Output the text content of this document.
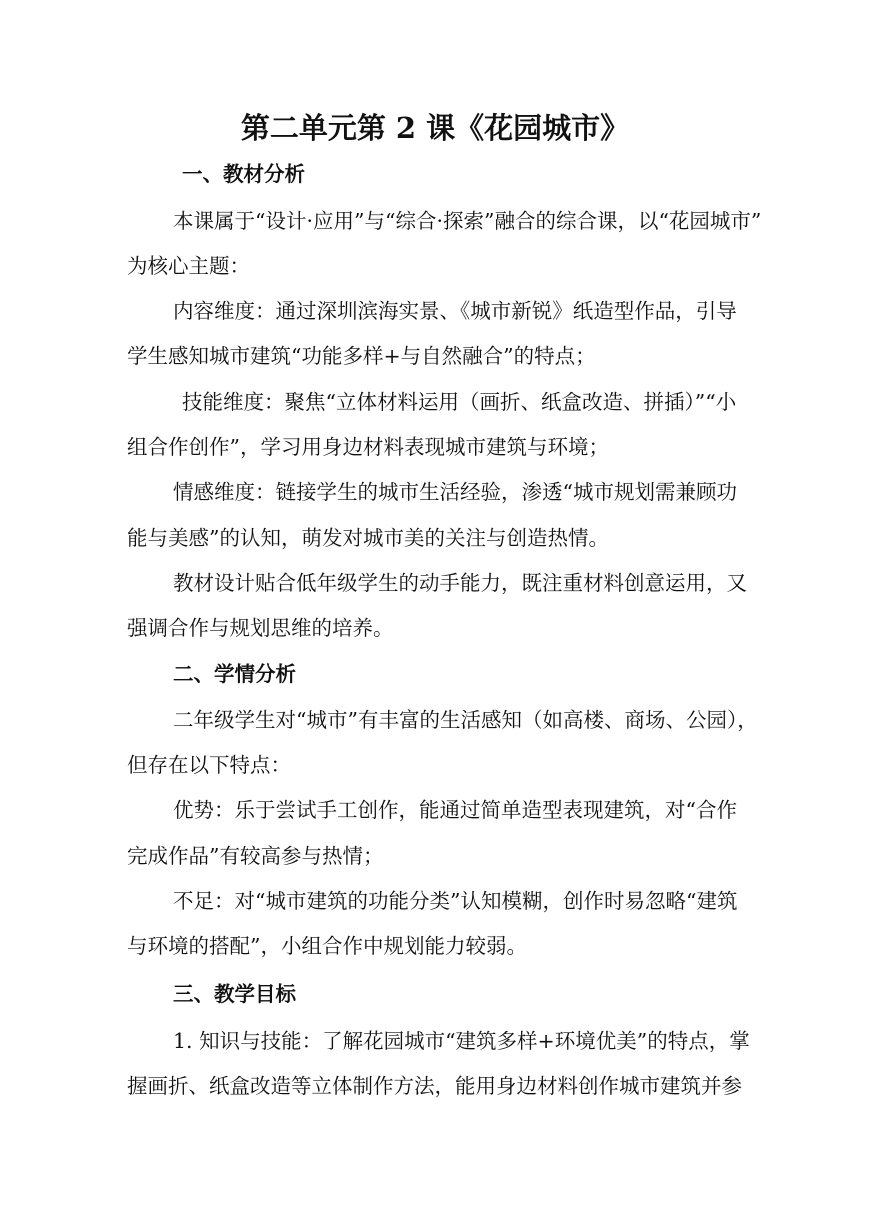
第二单元第 2 课《花园城市》
一、教材分析
本课属于“设计·应用”与“综合·探索”融合的综合课，以“花园城市”
为核心主题：
内容维度：通过深圳滨海实景、《城市新锐》纸造型作品，引导
学生感知城市建筑“功能多样+与自然融合”的特点；
技能维度：聚焦“立体材料运用（画折、纸盒改造、拼插）”“小
组合作创作”，学习用身边材料表现城市建筑与环境；
情感维度：链接学生的城市生活经验，渗透“城市规划需兼顾功
能与美感”的认知，萌发对城市美的关注与创造热情。
教材设计贴合低年级学生的动手能力，既注重材料创意运用，又
强调合作与规划思维的培养。
二、学情分析
二年级学生对“城市”有丰富的生活感知（如高楼、商场、公园），
但存在以下特点：
优势：乐于尝试手工创作，能通过简单造型表现建筑，对“合作
完成作品”有较高参与热情；
不足：对“城市建筑的功能分类”认知模糊，创作时易忽略“建筑
与环境的搭配”，小组合作中规划能力较弱。
三、教学目标
1. 知识与技能：了解花园城市“建筑多样+环境优美”的特点，掌
握画折、纸盒改造等立体制作方法，能用身边材料创作城市建筑并参
